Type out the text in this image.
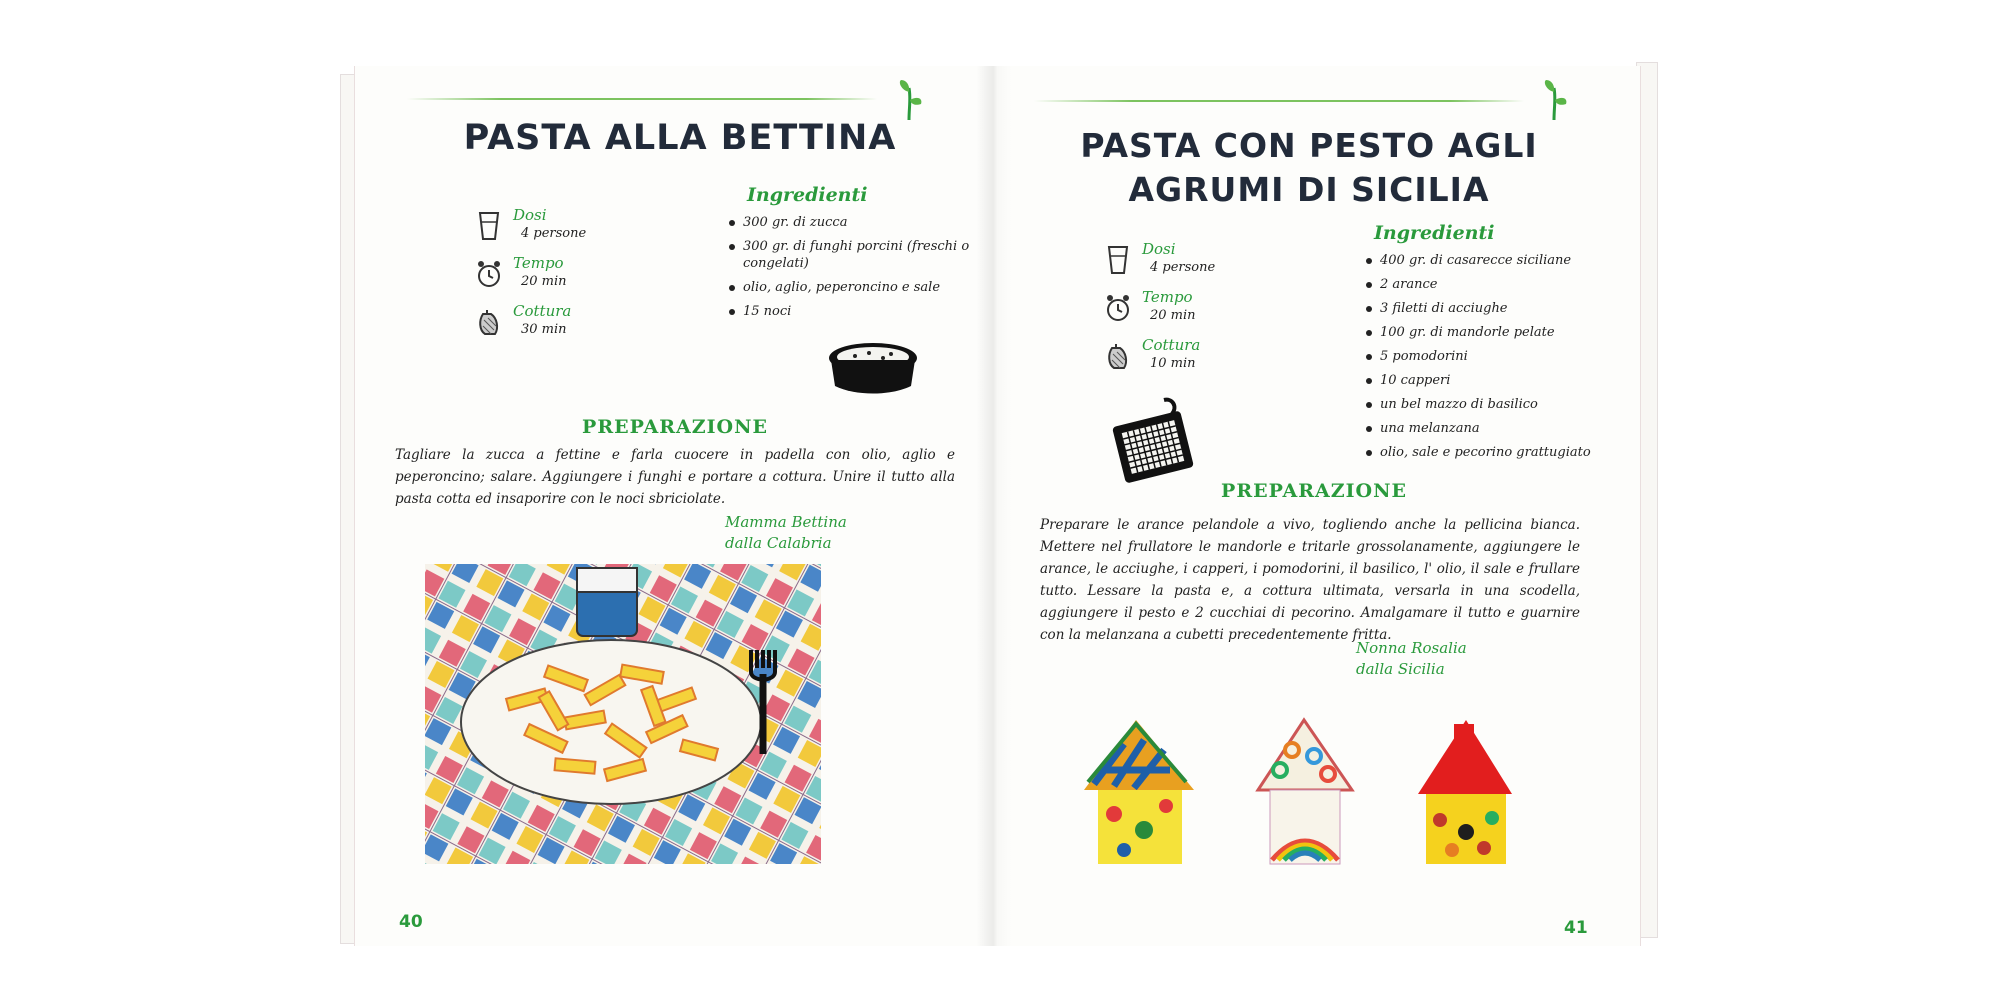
PASTA ALLA BETTINA
Dosi
4 persone
Tempo
20 min
Cottura
30 min
Ingredienti
300 gr. di zucca
300 gr. di funghi porcini (freschi o congelati)
olio, aglio, peperoncino e sale
15 noci
PREPARAZIONE
Tagliare la zucca a fettine e farla cuocere in padella con olio, aglio e peperoncino; salare. Aggiungere i funghi e portare a cottura. Unire il tutto alla pasta cotta ed insaporire con le noci sbriciolate.
Mamma Bettina
dalla Calabria
40
PASTA CON PESTO AGLI
AGRUMI DI SICILIA
Dosi
4 persone
Tempo
20 min
Cottura
10 min
Ingredienti
400 gr. di casarecce siciliane
2 arance
3 filetti di acciughe
100 gr. di mandorle pelate
5 pomodorini
10 capperi
un bel mazzo di basilico
una melanzana
olio, sale e pecorino grattugiato
PREPARAZIONE
Preparare le arance pelandole a vivo, togliendo anche la pellicina bianca. Mettere nel frullatore le mandorle e tritarle grossolanamente, aggiungere le arance, le acciughe, i capperi, i pomodorini, il basilico, l' olio, il sale e frullare tutto. Lessare la pasta e, a cottura ultimata, versarla in una scodella, aggiungere il pesto e 2 cucchiai di pecorino. Amalgamare il tutto e guarnire con la melanzana a cubetti precedentemente fritta.
Nonna Rosalia
dalla Sicilia
41
